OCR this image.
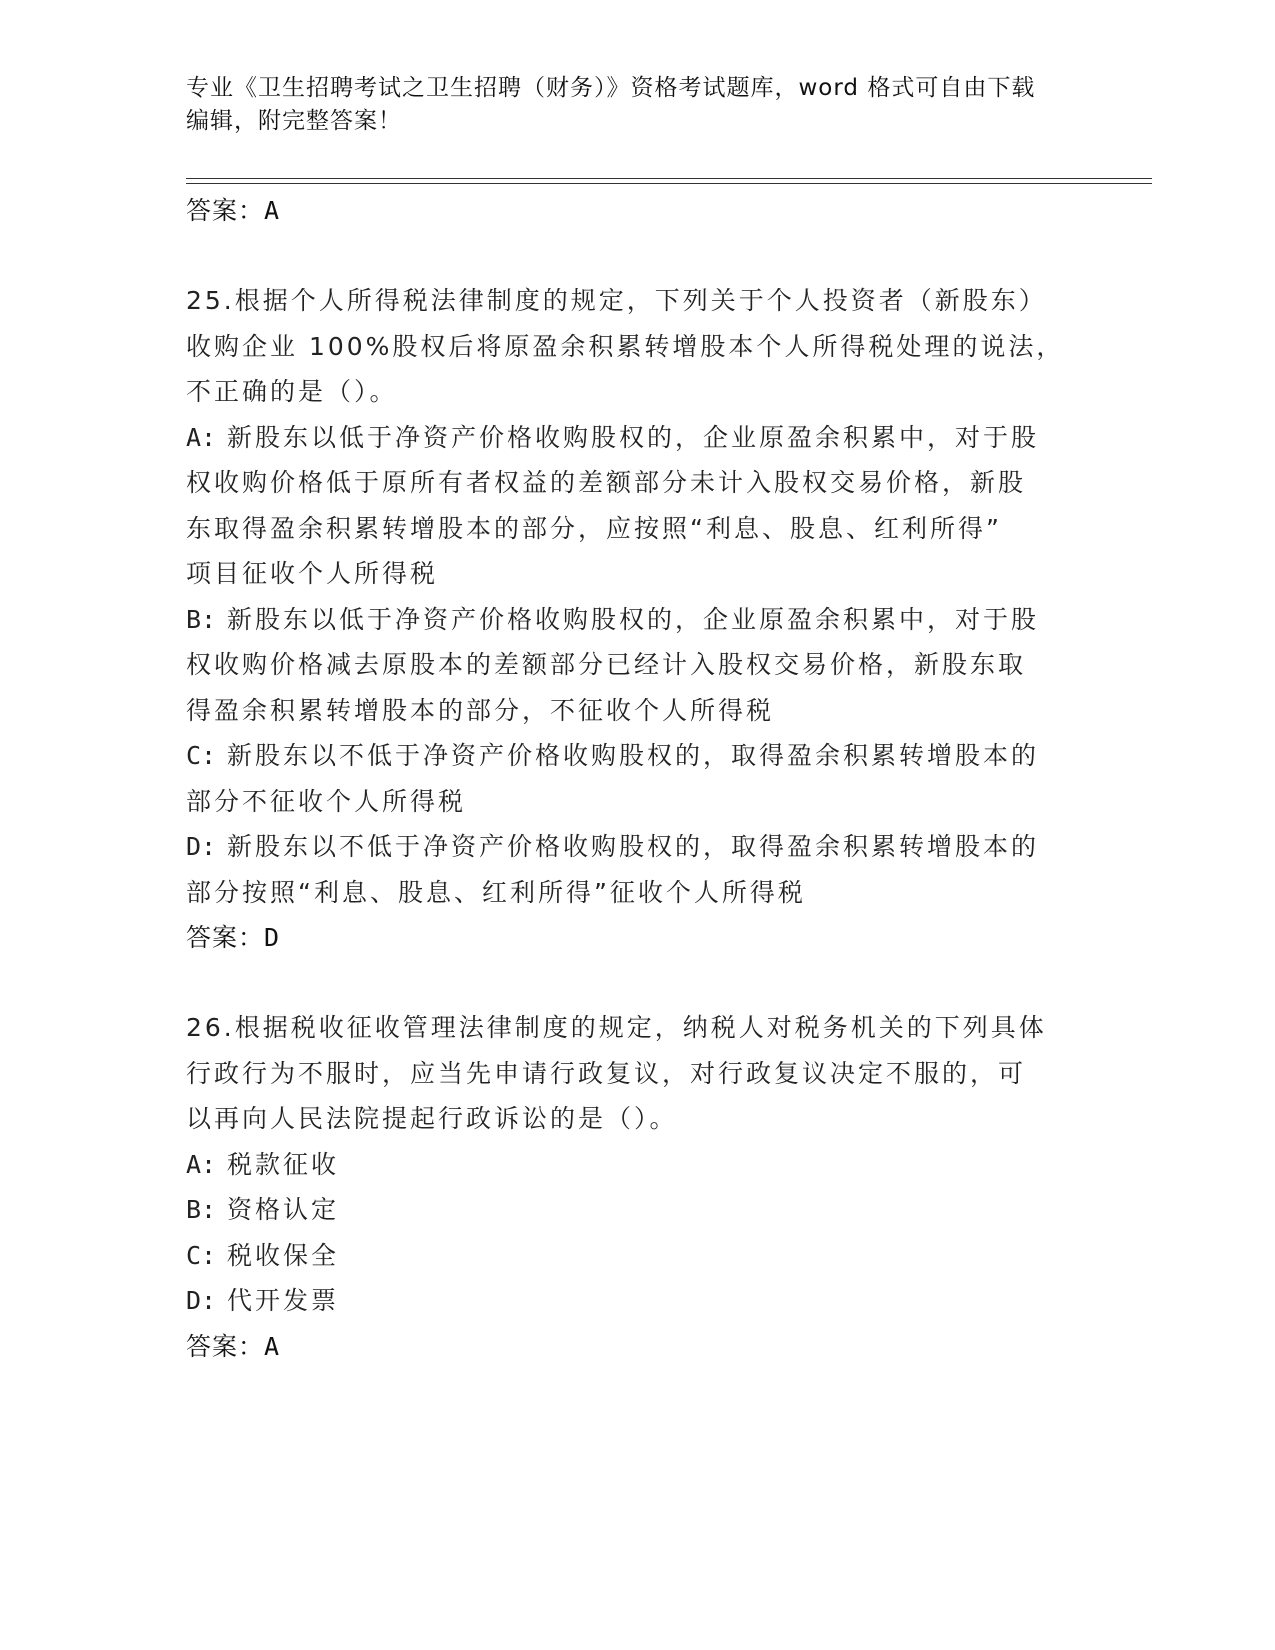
专业《卫生招聘考试之卫生招聘（财务）》资格考试题库，word 格式可自由下载
编辑，附完整答案！
答案：A
25.根据个人所得税法律制度的规定，下列关于个人投资者（新股东）
收购企业 100%股权后将原盈余积累转增股本个人所得税处理的说法，
不正确的是（）。
A: 新股东以低于净资产价格收购股权的，企业原盈余积累中，对于股
权收购价格低于原所有者权益的差额部分未计入股权交易价格，新股
东取得盈余积累转增股本的部分，应按照“利息、股息、红利所得”
项目征收个人所得税
B: 新股东以低于净资产价格收购股权的，企业原盈余积累中，对于股
权收购价格减去原股本的差额部分已经计入股权交易价格，新股东取
得盈余积累转增股本的部分，不征收个人所得税
C: 新股东以不低于净资产价格收购股权的，取得盈余积累转增股本的
部分不征收个人所得税
D: 新股东以不低于净资产价格收购股权的，取得盈余积累转增股本的
部分按照“利息、股息、红利所得”征收个人所得税
答案：D
26.根据税收征收管理法律制度的规定，纳税人对税务机关的下列具体
行政行为不服时，应当先申请行政复议，对行政复议决定不服的，可
以再向人民法院提起行政诉讼的是（）。
A: 税款征收
B: 资格认定
C: 税收保全
D: 代开发票
答案：A
